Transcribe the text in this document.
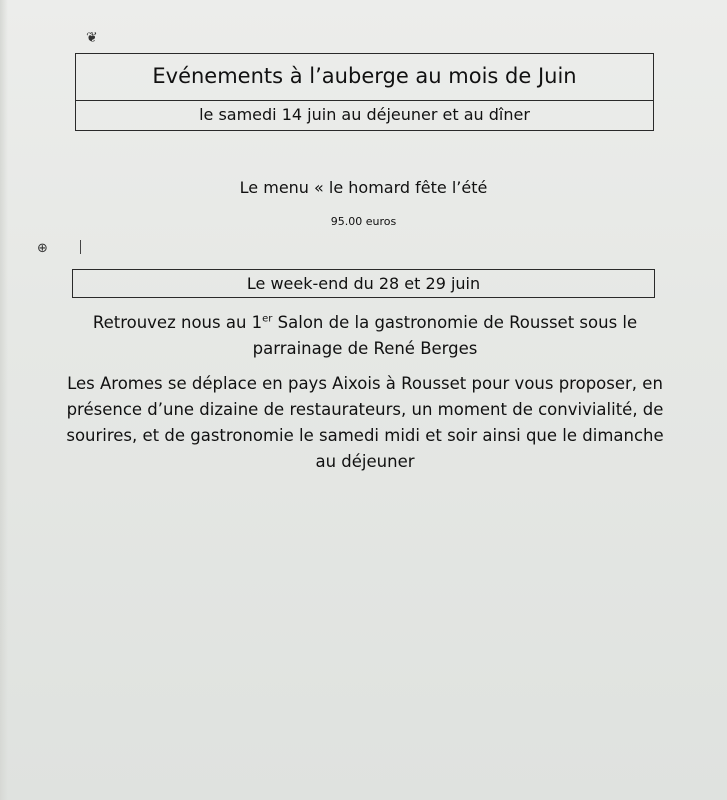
❦
Evénements à l’auberge au mois de Juin
le samedi 14 juin au déjeuner et au dîner
Le menu « le homard fête l’été
95.00 euros
⊕
Le week-end du 28 et 29 juin
Retrouvez nous au 1er Salon de la gastronomie de Rousset sous le parrainage de René Berges
Les Aromes se déplace en pays Aixois à Rousset pour vous proposer, en présence d’une dizaine de restaurateurs, un moment de convivialité, de sourires, et de gastronomie le samedi midi et soir ainsi que le dimanche au déjeuner
